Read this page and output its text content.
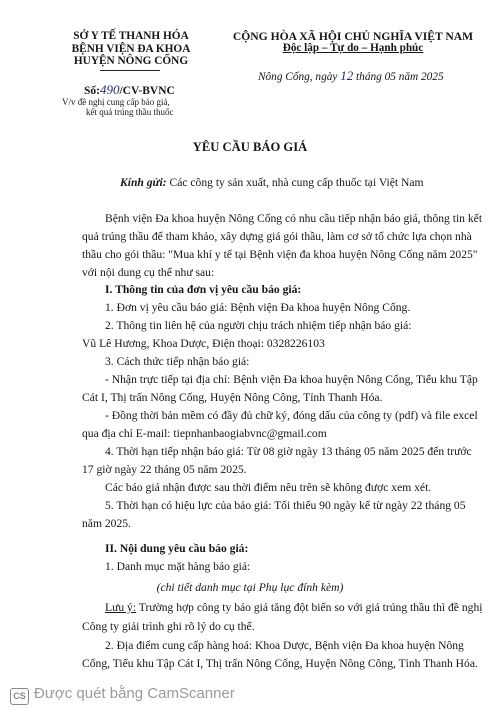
SỞ Y TẾ THANH HÓA
BỆNH VIỆN ĐA KHOA
HUYỆN NÔNG CỐNG
Số:490/CV-BVNC
V/v đề nghị cung cấp báo giá,
kết quả trúng thầu thuốc
CỘNG HÒA XÃ HỘI CHỦ NGHĨA VIỆT NAM
Độc lập – Tự do – Hạnh phúc
Nông Cống, ngày 12 tháng 05 năm 2025
YÊU CẦU BÁO GIÁ
Kính gửi: Các công ty sản xuất, nhà cung cấp thuốc tại Việt Nam
Bệnh viện Đa khoa huyện Nông Cống có nhu cầu tiếp nhận báo giá, thông tin kết
quả trúng thầu để tham khảo, xây dựng giá gói thầu, làm cơ sở tổ chức lựa chọn nhà
thầu cho gói thầu: "Mua khí y tế tại Bệnh viện đa khoa huyện Nông Cống năm 2025"
với nội dung cụ thể như sau:
I. Thông tin của đơn vị yêu cầu báo giá:
1. Đơn vị yêu cầu báo giá: Bệnh viện Đa khoa huyện Nông Cống.
2. Thông tin liên hệ của người chịu trách nhiệm tiếp nhận báo giá:
Vũ Lê Hương, Khoa Dược, Điện thoại: 0328226103
3. Cách thức tiếp nhận báo giá:
- Nhận trực tiếp tại địa chỉ: Bệnh viện Đa khoa huyện Nông Cống, Tiểu khu Tập
Cát I, Thị trấn Nông Cống, Huyện Nông Công, Tỉnh Thanh Hóa.
- Đồng thời bản mềm có đầy đủ chữ ký, đóng dấu của công ty (pdf) và file excel
qua địa chỉ E-mail: tiepnhanbaogiabvnc@gmail.com
4. Thời hạn tiếp nhận báo giá: Từ 08 giờ ngày 13 tháng 05 năm 2025 đến trước
17 giờ ngày 22 tháng 05 năm 2025.
Các báo giá nhận được sau thời điểm nêu trên sẽ không được xem xét.
5. Thời hạn có hiệu lực của báo giá: Tối thiểu 90 ngày kể từ ngày 22 tháng 05
năm 2025.
II. Nội dung yêu cầu báo giá:
1. Danh mục mặt hàng báo giá:
(chi tiết danh mục tại Phụ lục đính kèm)
Lưu ý: Trường hợp công ty báo giá tăng đột biến so với giá trúng thầu thì đề nghị
Công ty giải trình ghi rõ lý do cụ thể.
2. Địa điểm cung cấp hàng hoá: Khoa Dược, Bệnh viện Đa khoa huyện Nông
Cống, Tiểu khu Tập Cát I, Thị trấn Nông Cống, Huyện Nông Công, Tỉnh Thanh Hóa.
CS Được quét bằng CamScanner
